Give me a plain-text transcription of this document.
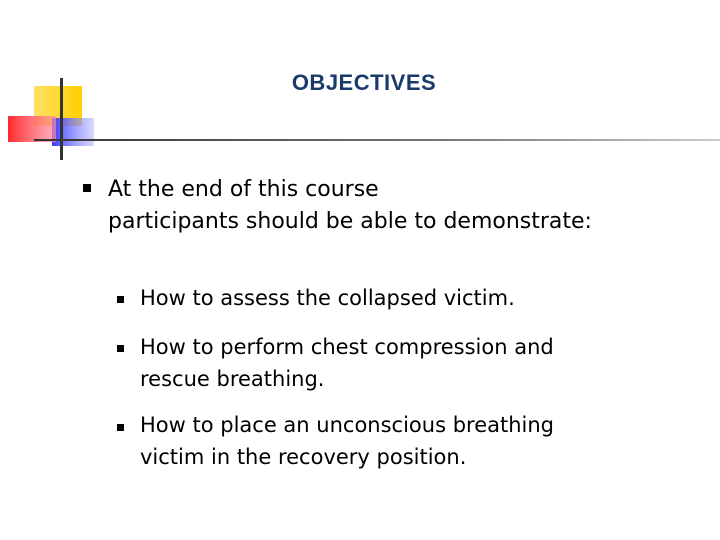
OBJECTIVES
At the end of this course
participants should be able to demonstrate:
How to assess the collapsed victim.
How to perform chest compression and
rescue breathing.
How to place an unconscious breathing
victim in the recovery position.
